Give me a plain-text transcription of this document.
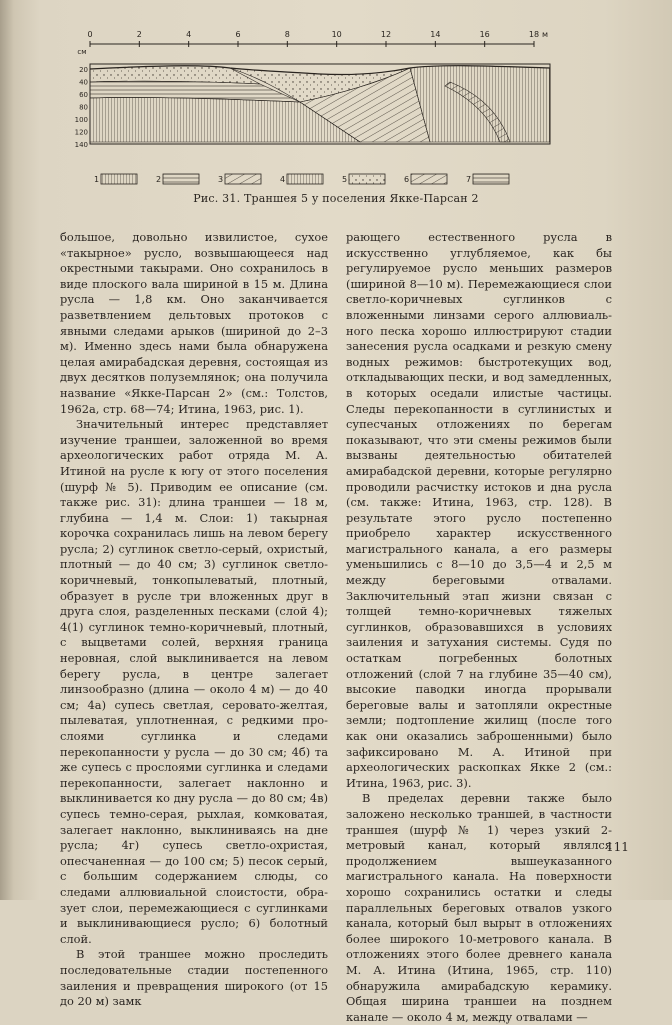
0	2	4	6	8	10	12	14	16	18 м
см
20
40
60
80
100
120
140
1	2	3	4	5	6	7
Рис. 31. Траншея 5 у поселения Якке-Парсан 2

большое, довольно извилистое, сухое «такырное» русло, возвышающееся над окрестными такырами. Оно сохранилось в виде плоского вала шириной в 15 м. Длина русла — 1,8 км. Оно заканчивается разветвлением дельтовых протоков с явными следами арыков (шириной до 2–3 м). Именно здесь нами была обнаружена целая амирабадская деревня, состоящая из двух десятков полуземлянок; она получила название «Якке-Парсан 2» (см.: Толстов, 1962а, стр. 68—74; Итина, 1963, рис. 1).

Значительный интерес представляет изучение траншеи, заложенной во время археологических работ отряда М. А. Итиной на русле к югу от этого поселения (шурф № 5). Приводим ее описание (см. также рис. 31): длина траншеи — 18 м, глубина — 1,4 м. Слои: 1) такырная корочка сохранилась лишь на левом берегу русла; 2) суглинок светло-серый, охристый, плотный — до 40 см; 3) суглинок светло-коричневый, тонкопылеватый, плотный, образует в русле три вложенных друг в друга слоя, разделенных песками (слой 4); 4(1) суглинок темно-коричневый, плотный, с выцветами солей, верхняя граница неровная, слой выклинивается на левом берегу русла, в центре залегает линзообразно (длина — около 4 м) — до 40 см; 4а) супесь светлая, серовато-желтая, пылеватая, уплотненная, с редкими прослоями суглинка и следами перекопанности у русла — до 30 см; 4б) та же супесь с прослоями суглинка и следами перекопанности, залегает наклонно и выклинивается ко дну русла — до 80 см; 4в) супесь темно-серая, рыхлая, комковатая, залегает наклонно, выклиниваясь на дне русла; 4г) супесь светло-охристая, опесчаненная — до 100 см; 5) песок серый, с большим содержанием слюды, со следами аллювиальной слоистости, образует слои, перемежающиеся с суглинками и выклинивающиеся русло; 6) болотный слой.

В этой траншее можно проследить последовательные стадии постепенного заиления и превращения широкого (от 15 до 20 м) замк

рающего естественного русла в искусственно углубляемое, как бы регулируемое русло меньших размеров (шириной 8—10 м). Перемежающиеся слои светло-коричневых суглинков с вложенными линзами серого аллювиального песка хорошо иллюстрируют стадии занесения русла осадками и резкую смену водных режимов: быстротекущих вод, откладывающих пески, и вод замедленных, в которых оседали илистые частицы. Следы перeкопанности в суглинистых и супесчаных отложениях по берегам показывают, что эти смены режимов были вызваны деятельностью обитателей амирабадской деревни, которые регулярно проводили расчистку истоков и дна русла (см. также: Итина, 1963, стр. 128). В результате этого русло постепенно приобрело характер искусственного магистрального канала, а его размеры уменьшились с 8—10 до 3,5—4 и 2,5 м между береговыми отвалами. Заключительный этап жизни связан с толщей темно-коричневых тяжелых суглинков, образовавшихся в условиях заиления и затухания системы. Судя по остаткам погребенных болотных отложений (слой 7 на глубине 35—40 см), высокие паводки иногда прорывали береговые валы и затопляли окрестные земли; подтопление жилищ (после того как они оказались заброшенными) было зафиксировано М. А. Итиной при археологических раскопках Якке 2 (см.: Итина, 1963, рис. 3).

В пределах деревни также было заложено несколько траншей, в частности траншея (шурф № 1) через узкий 2-метровый канал, который являлся продолжением вышеуказанного магистрального канала. На поверхности хорошо сохранились остатки и следы параллельных береговых отвалов узкого канала, который был вырыт в отложениях более широкого 10-метрового канала. В отложениях этого более древнего канала М. А. Итина (Итина, 1965, стр. 110) обнаружила амирабадскую керамику. Общая ширина траншеи на позднем канале — около 4 м, между отвалами —

111
